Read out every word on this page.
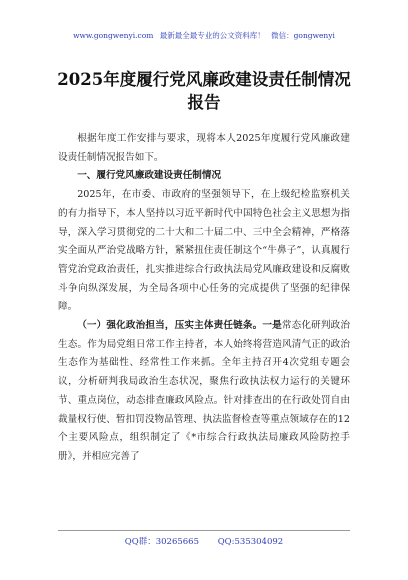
www.gongwenyi.com 最新最全最专业的公文资料库！ 微信：gongwenyi
2025年度履行党风廉政建设责任制情况
报告

根据年度工作安排与要求，现将本人2025年度履行党风廉政建设责任制情况报告如下。

一、履行党风廉政建设责任制情况

2025年，在市委、市政府的坚强领导下，在上级纪检监察机关的有力指导下，本人坚持以习近平新时代中国特色社会主义思想为指导，深入学习贯彻党的二十大和二十届二中、三中全会精神，严格落实全面从严治党战略方针，紧紧扭住责任制这个“牛鼻子”，认真履行管党治党政治责任，扎实推进综合行政执法局党风廉政建设和反腐败斗争向纵深发展，为全局各项中心任务的完成提供了坚强的纪律保障。

（一）强化政治担当，压实主体责任链条。一是常态化研判政治生态。作为局党组日常工作主持者，本人始终将营造风清气正的政治生态作为基础性、经常性工作来抓。全年主持召开4次党组专题会议，分析研判我局政治生态状况，聚焦行政执法权力运行的关键环节、重点岗位，动态排查廉政风险点。针对排查出的在行政处罚自由裁量权行使、暂扣罚没物品管理、执法监督检查等重点领域存在的12个主要风险点，组织制定了《*市综合行政执法局廉政风险防控手册》，并相应完善了

QQ群：30265665 QQ:535304092
